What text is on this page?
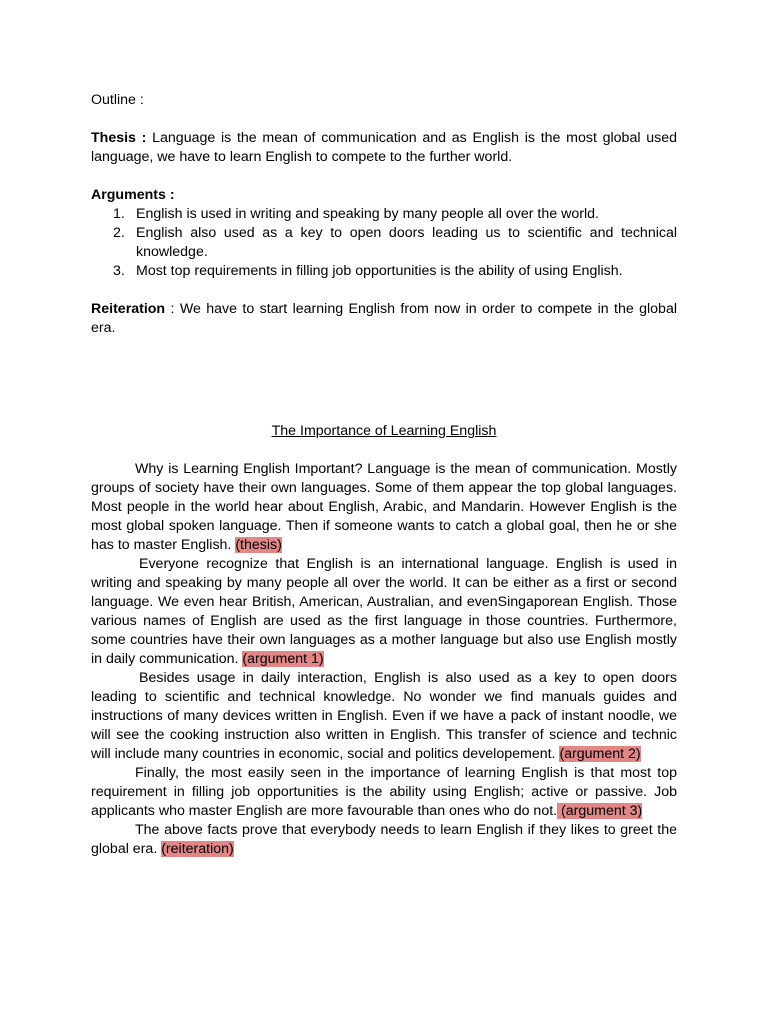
Outline :

Thesis : Language is the mean of communication and as English is the most global used language, we have to learn English to compete to the further world.

Arguments :

1. English is used in writing and speaking by many people all over the world.
2. English also used as a key to open doors leading us to scientific and technical knowledge.
3. Most top requirements in filling job opportunities is the ability of using English.

Reiteration : We have to start learning English from now in order to compete in the global era.

The Importance of Learning English

Why is Learning English Important? Language is the mean of communication. Mostly groups of society have their own languages. Some of them appear the top global languages. Most people in the world hear about English, Arabic, and Mandarin. However English is the most global spoken language. Then if someone wants to catch a global goal, then he or she has to master English. (thesis)

Everyone recognize that English is an international language. English is used in writing and speaking by many people all over the world. It can be either as a first or second language. We even hear British, American, Australian, and evenSingaporean English. Those various names of English are used as the first language in those countries. Furthermore, some countries have their own languages as a mother language but also use English mostly in daily communication. (argument 1)

Besides usage in daily interaction, English is also used as a key to open doors leading to scientific and technical knowledge. No wonder we find manuals guides and instructions of many devices written in English. Even if we have a pack of instant noodle, we will see the cooking instruction also written in English. This transfer of science and technic will include many countries in economic, social and politics developement. (argument 2)

Finally, the most easily seen in the importance of learning English is that most top requirement in filling job opportunities is the ability using English; active or passive. Job applicants who master English are more favourable than ones who do not. (argument 3)

The above facts prove that everybody needs to learn English if they likes to greet the global era. (reiteration)
